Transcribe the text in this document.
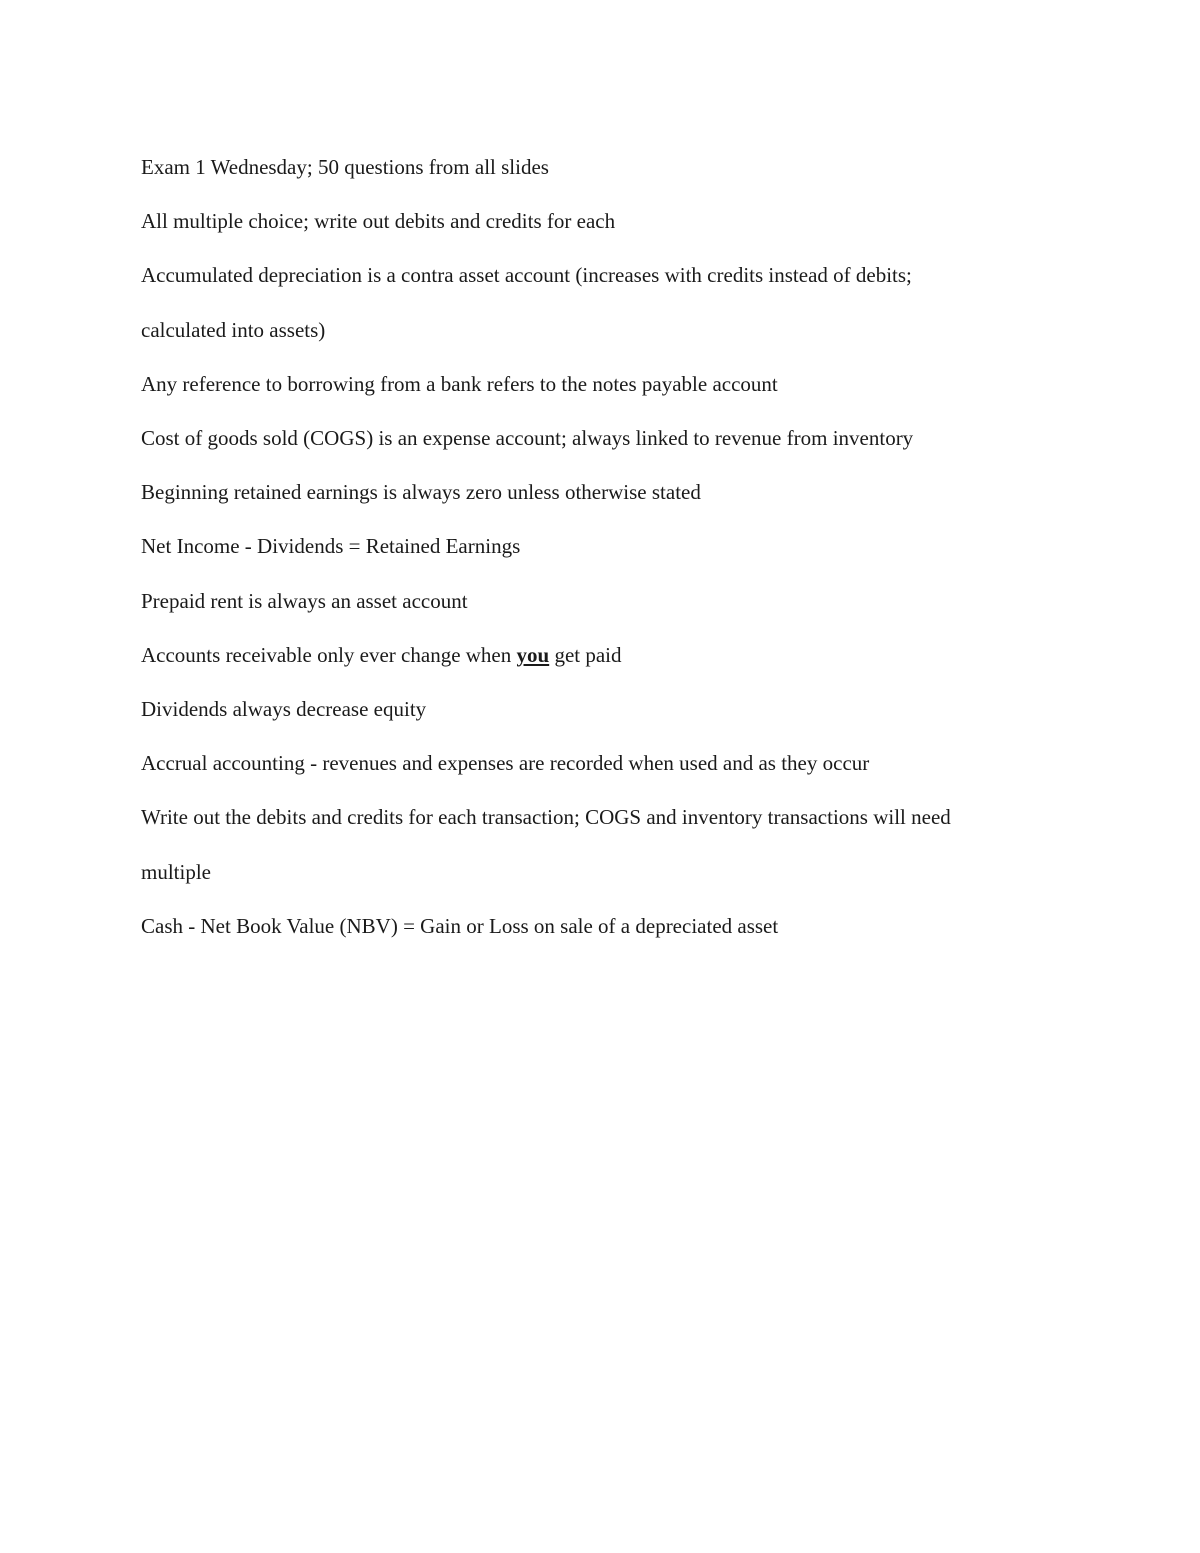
Exam 1 Wednesday; 50 questions from all slides

All multiple choice; write out debits and credits for each

Accumulated depreciation is a contra asset account (increases with credits instead of debits;

calculated into assets)

Any reference to borrowing from a bank refers to the notes payable account

Cost of goods sold (COGS) is an expense account; always linked to revenue from inventory

Beginning retained earnings is always zero unless otherwise stated

Net Income - Dividends = Retained Earnings

Prepaid rent is always an asset account

Accounts receivable only ever change when you get paid

Dividends always decrease equity

Accrual accounting - revenues and expenses are recorded when used and as they occur

Write out the debits and credits for each transaction; COGS and inventory transactions will need

multiple

Cash - Net Book Value (NBV) = Gain or Loss on sale of a depreciated asset
